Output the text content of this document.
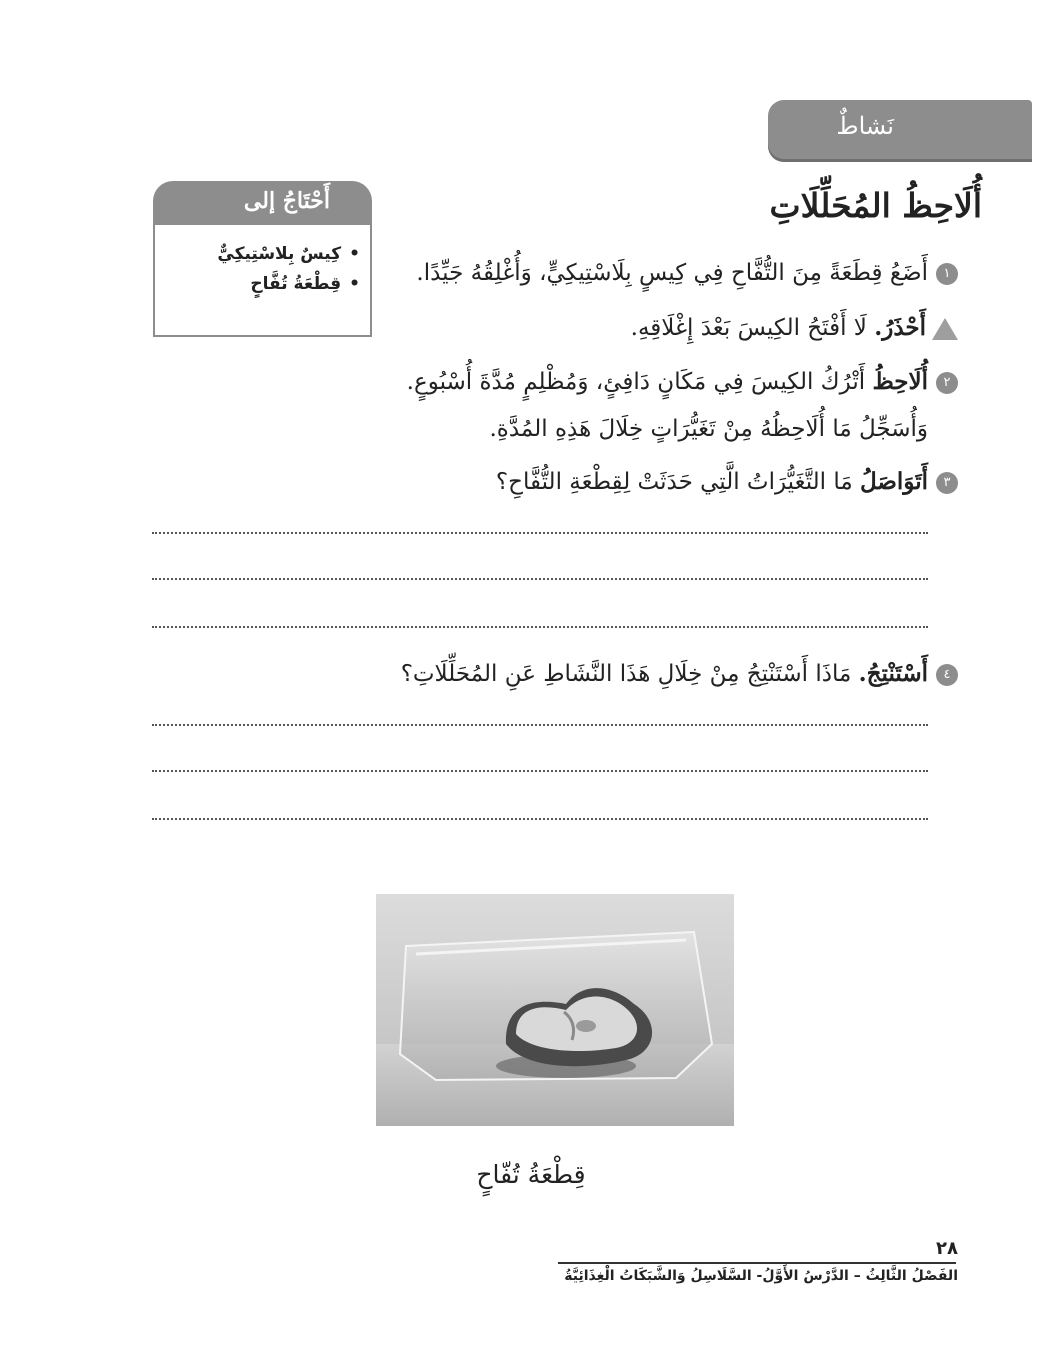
نَشاطٌ
أَحْتَاجُ إلى
• كِيسٌ بِلاسْتِيكِيٌّ
• قِطْعَةُ تُفَّاحٍ
أُلَاحِظُ المُحَلِّلَاتِ
١أَضَعُ قِطَعَةً مِنَ التُّفَّاحِ فِي كِيسٍ بِلَاسْتِيكِيٍّ، وَأُغْلِقُهُ جَيِّدًا.
أَحْذَرُ. لَا أَفْتَحُ الكِيسَ بَعْدَ إِغْلَاقِهِ.
٢أُلَاحِظُ أَتْرُكُ الكِيسَ فِي مَكَانٍ دَافِئٍ، وَمُظْلِمٍ مُدَّةَ أُسْبُوعٍ.
وَأُسَجِّلُ مَا أُلَاحِظُهُ مِنْ تَغَيُّرَاتٍ خِلَالَ هَذِهِ المُدَّةِ.
٣أَتَوَاصَلُ مَا التَّغَيُّرَاتُ الَّتِي حَدَثَتْ لِقِطْعَةِ التُّفَّاحِ؟
٤أَسْتَنْتِجُ. مَاذَا أَسْتَنْتِجُ مِنْ خِلَالِ هَذَا النَّشَاطِ عَنِ المُحَلِّلَاتِ؟
قِطْعَةُ تُفّاحٍ
٢٨
الفَصْلُ الثَّالِثُ – الدَّرْسُ الأَوَّلُ- السَّلَاسِلُ وَالشَّبَكَاتُ الْغِذَائِيَّةُ
